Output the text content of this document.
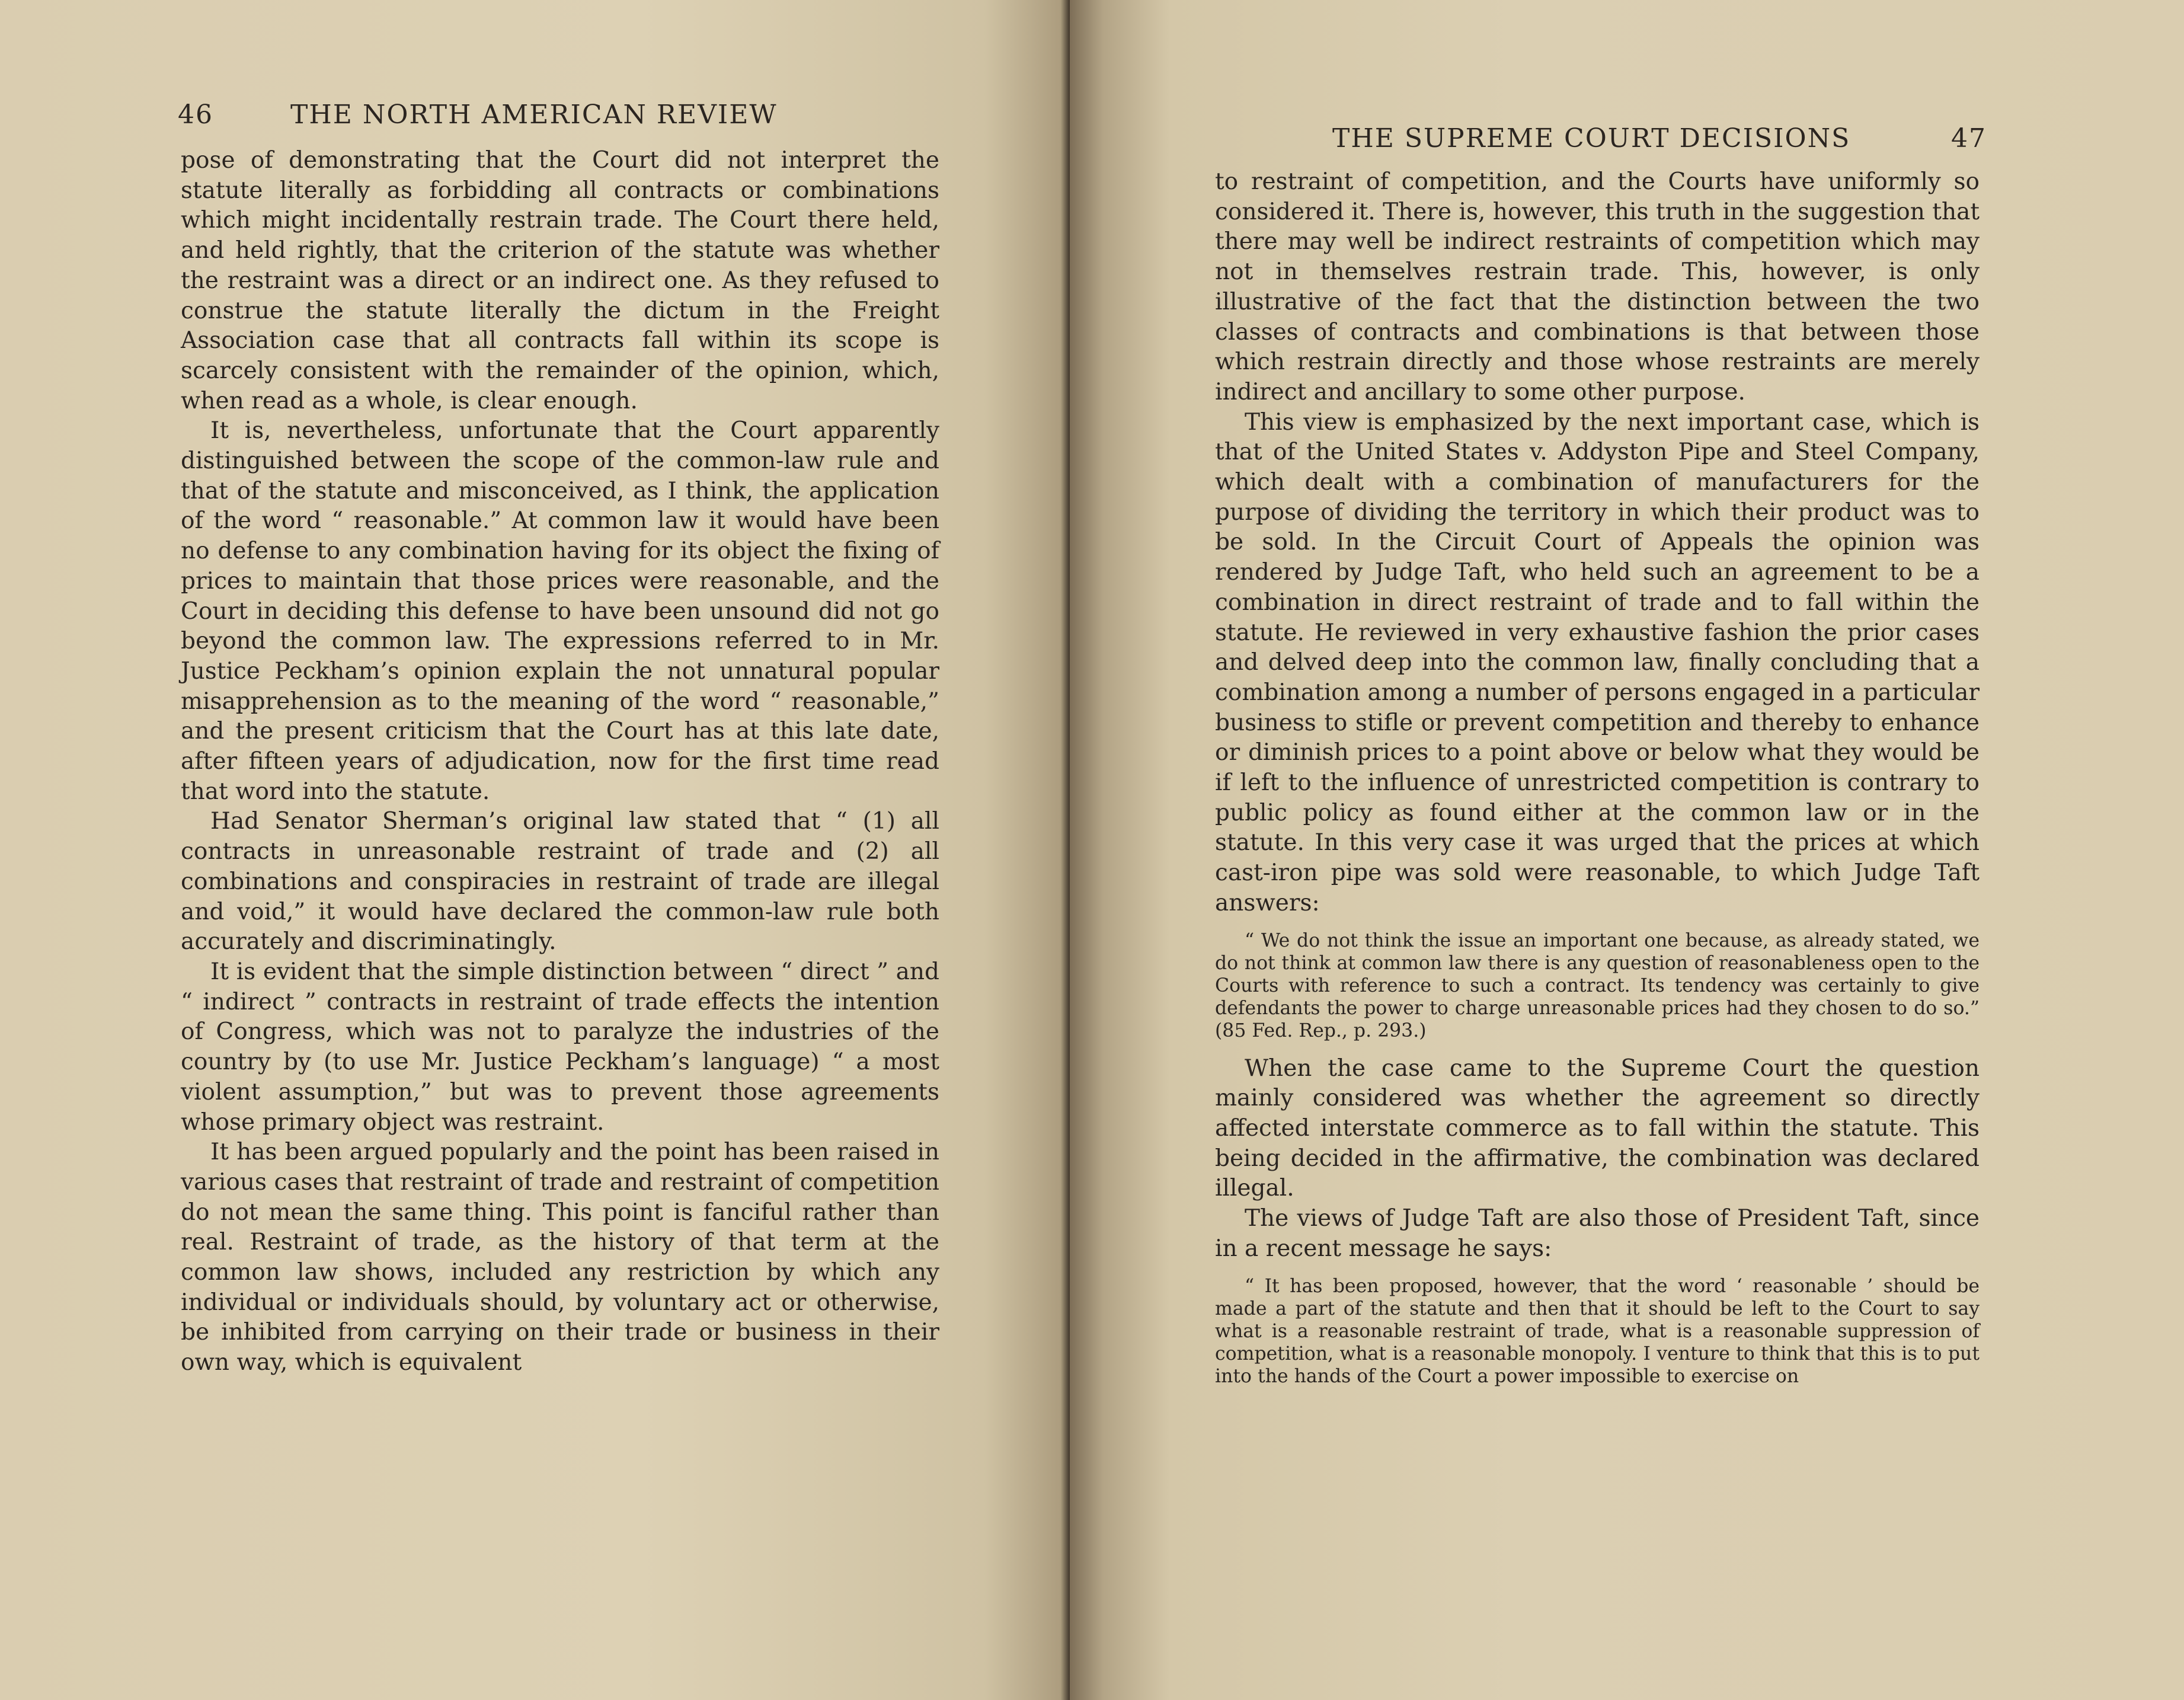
46	THE NORTH AMERICAN REVIEW

pose of demonstrating that the Court did not interpret the statute literally as forbidding all contracts or combinations which might incidentally restrain trade. The Court there held, and held rightly, that the criterion of the statute was whether the restraint was a direct or an indirect one. As they refused to construe the statute literally the dictum in the Freight Association case that all contracts fall within its scope is scarcely consistent with the remainder of the opinion, which, when read as a whole, is clear enough.

It is, nevertheless, unfortunate that the Court apparently distinguished between the scope of the common-law rule and that of the statute and misconceived, as I think, the application of the word “ reasonable.” At common law it would have been no defense to any combination having for its object the fixing of prices to maintain that those prices were reasonable, and the Court in deciding this defense to have been unsound did not go beyond the common law. The expressions referred to in Mr. Justice Peckham’s opinion explain the not unnatural popular misapprehension as to the meaning of the word “ reasonable,” and the present criticism that the Court has at this late date, after fifteen years of adjudication, now for the first time read that word into the statute.

Had Senator Sherman’s original law stated that “ (1) all contracts in unreasonable restraint of trade and (2) all combinations and conspiracies in restraint of trade are illegal and void,” it would have declared the common-law rule both accurately and discriminatingly.

It is evident that the simple distinction between “ direct ” and “ indirect ” contracts in restraint of trade effects the intention of Congress, which was not to paralyze the industries of the country by (to use Mr. Justice Peckham’s language) “ a most violent assumption,” but was to prevent those agreements whose primary object was restraint.

It has been argued popularly and the point has been raised in various cases that restraint of trade and restraint of competition do not mean the same thing. This point is fanciful rather than real. Restraint of trade, as the history of that term at the common law shows, included any restriction by which any individual or individuals should, by voluntary act or otherwise, be inhibited from carrying on their trade or business in their own way, which is equivalent

THE SUPREME COURT DECISIONS	47

to restraint of competition, and the Courts have uniformly so considered it. There is, however, this truth in the suggestion that there may well be indirect restraints of competition which may not in themselves restrain trade. This, however, is only illustrative of the fact that the distinction between the two classes of contracts and combinations is that between those which restrain directly and those whose restraints are merely indirect and ancillary to some other purpose.

This view is emphasized by the next important case, which is that of the United States v. Addyston Pipe and Steel Company, which dealt with a combination of manufacturers for the purpose of dividing the territory in which their product was to be sold. In the Circuit Court of Appeals the opinion was rendered by Judge Taft, who held such an agreement to be a combination in direct restraint of trade and to fall within the statute. He reviewed in very exhaustive fashion the prior cases and delved deep into the common law, finally concluding that a combination among a number of persons engaged in a particular business to stifle or prevent competition and thereby to enhance or diminish prices to a point above or below what they would be if left to the influence of unrestricted competition is contrary to public policy as found either at the common law or in the statute. In this very case it was urged that the prices at which cast-iron pipe was sold were reasonable, to which Judge Taft answers:

“ We do not think the issue an important one because, as already stated, we do not think at common law there is any question of reasonableness open to the Courts with reference to such a contract. Its tendency was certainly to give defendants the power to charge unreasonable prices had they chosen to do so.” (85 Fed. Rep., p. 293.)

When the case came to the Supreme Court the question mainly considered was whether the agreement so directly affected interstate commerce as to fall within the statute. This being decided in the affirmative, the combination was declared illegal.

The views of Judge Taft are also those of President Taft, since in a recent message he says:

“ It has been proposed, however, that the word ‘ reasonable ’ should be made a part of the statute and then that it should be left to the Court to say what is a reasonable restraint of trade, what is a reasonable suppression of competition, what is a reasonable monopoly. I venture to think that this is to put into the hands of the Court a power impossible to exercise on
